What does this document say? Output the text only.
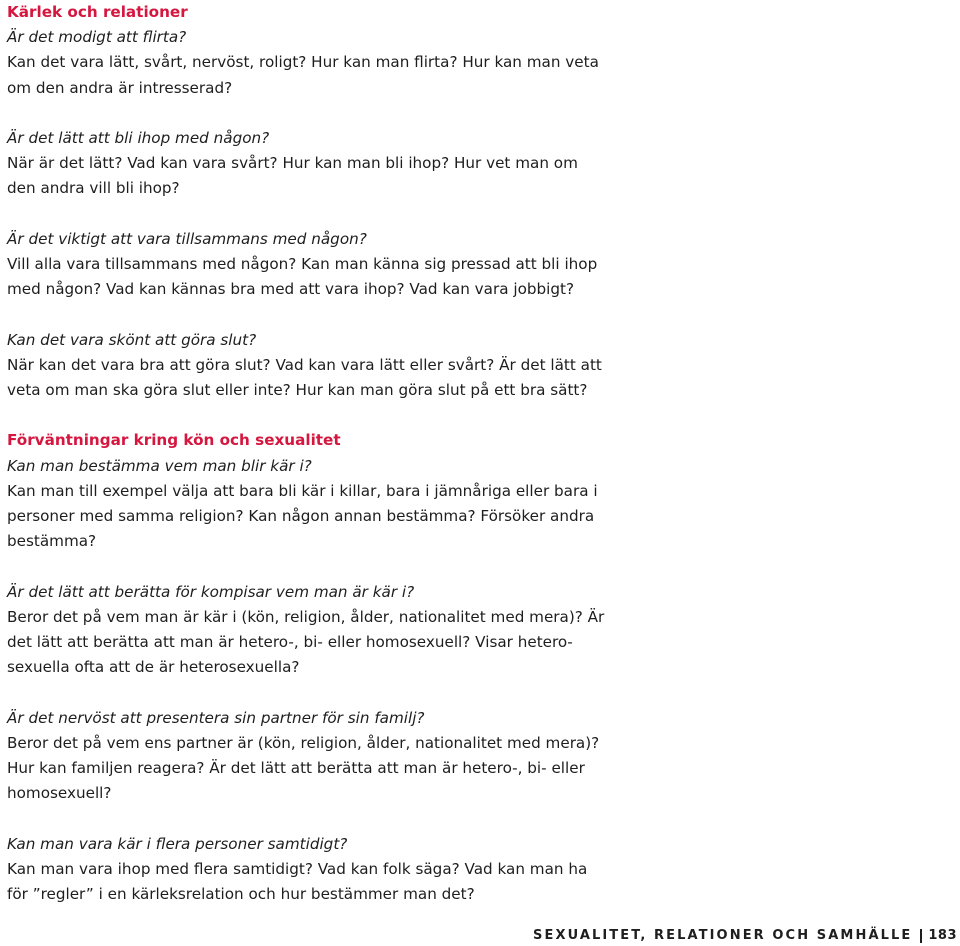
Kärlek och relationer

Är det modigt att flirta?

Kan det vara lätt, svårt, nervöst, roligt? Hur kan man flirta? Hur kan man veta om den andra är intresserad?

Är det lätt att bli ihop med någon?

När är det lätt? Vad kan vara svårt? Hur kan man bli ihop? Hur vet man om den andra vill bli ihop?

Är det viktigt att vara tillsammans med någon?

Vill alla vara tillsammans med någon? Kan man känna sig pressad att bli ihop med någon? Vad kan kännas bra med att vara ihop? Vad kan vara jobbigt?

Kan det vara skönt att göra slut?

När kan det vara bra att göra slut? Vad kan vara lätt eller svårt? Är det lätt att veta om man ska göra slut eller inte? Hur kan man göra slut på ett bra sätt?

Förväntningar kring kön och sexualitet

Kan man bestämma vem man blir kär i?

Kan man till exempel välja att bara bli kär i killar, bara i jämnåriga eller bara i personer med samma religion? Kan någon annan bestämma? Försöker andra bestämma?

Är det lätt att berätta för kompisar vem man är kär i?

Beror det på vem man är kär i (kön, religion, ålder, nationalitet med mera)? Är det lätt att berätta att man är hetero-, bi- eller homosexuell? Visar heterosexuella ofta att de är heterosexuella?

Är det nervöst att presentera sin partner för sin familj?

Beror det på vem ens partner är (kön, religion, ålder, nationalitet med mera)? Hur kan familjen reagera? Är det lätt att berätta att man är hetero-, bi- eller homosexuell?

Kan man vara kär i flera personer samtidigt?

Kan man vara ihop med flera samtidigt? Vad kan folk säga? Vad kan man ha för ”regler” i en kärleksrelation och hur bestämmer man det?

SEXUALITET, RELATIONER OCH SAMHÄLLE 183
